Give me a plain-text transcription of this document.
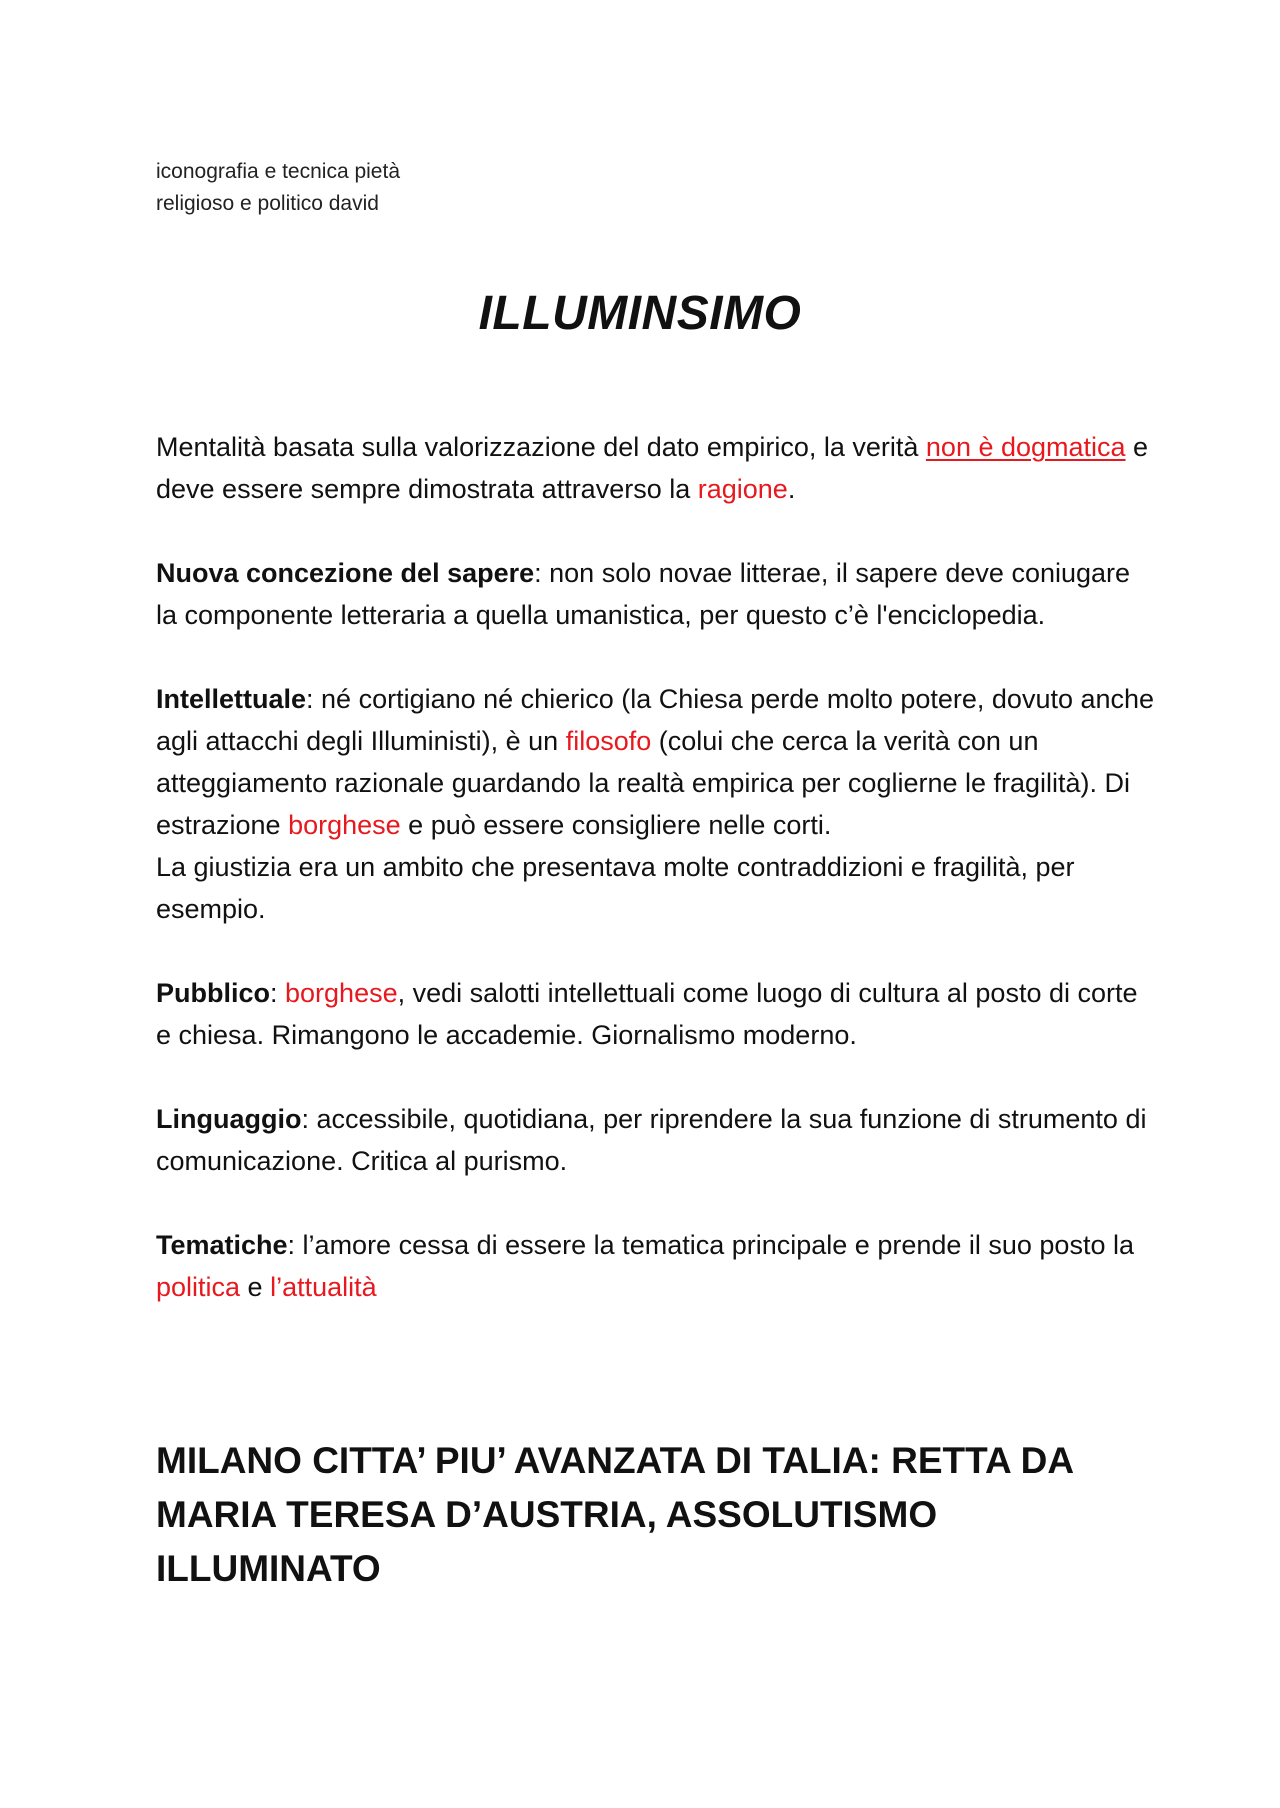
iconografia e tecnica pietà
religioso e politico david
ILLUMINSIMO

Mentalità basata sulla valorizzazione del dato empirico, la verità non è dogmatica e deve essere sempre dimostrata attraverso la ragione.

Nuova concezione del sapere: non solo novae litterae, il sapere deve coniugare la componente letteraria a quella umanistica, per questo c’è l'enciclopedia.

Intellettuale: né cortigiano né chierico (la Chiesa perde molto potere, dovuto anche agli attacchi degli Illuministi), è un filosofo (colui che cerca la verità con un atteggiamento razionale guardando la realtà empirica per coglierne le fragilità). Di estrazione borghese e può essere consigliere nelle corti.

La giustizia era un ambito che presentava molte contraddizioni e fragilità, per esempio.

Pubblico: borghese, vedi salotti intellettuali come luogo di cultura al posto di corte e chiesa. Rimangono le accademie. Giornalismo moderno.

Linguaggio: accessibile, quotidiana, per riprendere la sua funzione di strumento di comunicazione. Critica al purismo.

Tematiche: l’amore cessa di essere la tematica principale e prende il suo posto la politica e l’attualità

MILANO CITTA’ PIU’ AVANZATA DI TALIA: RETTA DA MARIA TERESA D’AUSTRIA, ASSOLUTISMO ILLUMINATO
